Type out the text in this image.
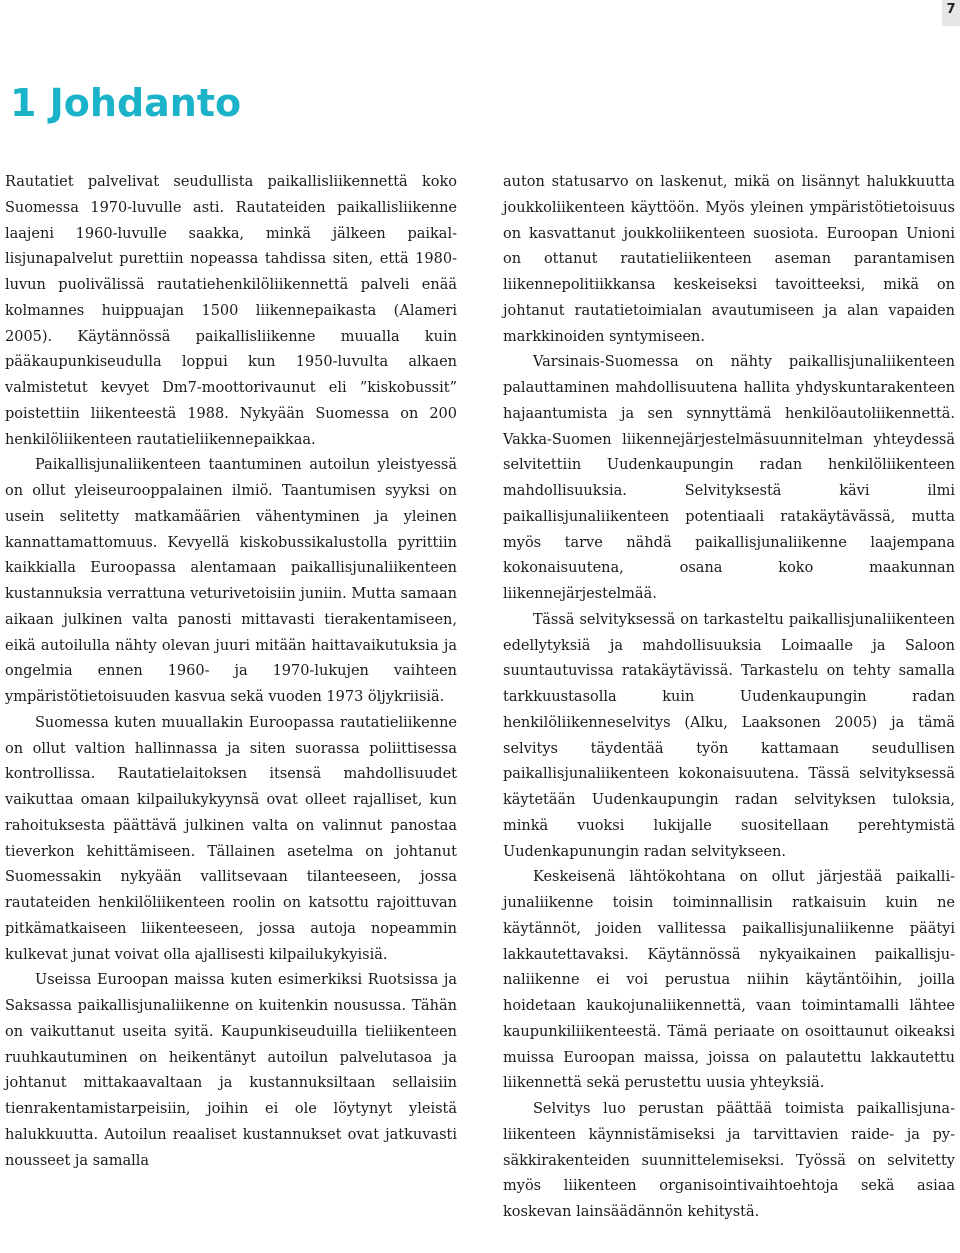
7
1 Johdanto

Rautatiet palvelivat seudullista paikallisliikennettä koko Suomessa 1970-luvulle asti. Rautateiden paikallisliikenne laajeni 1960-luvulle saakka, minkä jälkeen paikallisjunapalvelut purettiin nopeassa tahdissa siten, että 1980-luvun puolivälissä rautatiehenkilöliikennettä palveli enää kolmannes huippuajan 1500 liikennepaikasta (Alameri 2005). Käytännössä paikallisliikenne muualla kuin pääkaupunkiseudulla loppui kun 1950-luvulta alkaen valmistetut kevyet Dm7-moottorivaunut eli ”kiskobussit” poistettiin liikenteestä 1988. Nykyään Suomessa on 200 henkilöliikenteen rautatieliikennepaikkaa.

Paikallisjunaliikenteen taantuminen autoilun yleistyessä on ollut yleiseurooppalainen ilmiö. Taantumisen syyksi on usein selitetty matkamäärien vähentyminen ja yleinen kannattamattomuus. Kevyellä kiskobussikalustolla pyrittiin kaikkialla Euroopassa alentamaan paikallisjunaliikenteen kustannuksia verrattuna veturivetoisiin juniin. Mutta samaan aikaan julkinen valta panosti mittavasti tierakentamiseen, eikä autoilulla nähty olevan juuri mitään haittavaikutuksia ja ongelmia ennen 1960- ja 1970-lukujen vaihteen ympäristötietoisuuden kasvua sekä vuoden 1973 öljykriisiä.

Suomessa kuten muuallakin Euroopassa rautatieliikenne on ollut valtion hallinnassa ja siten suorassa poliittisessa kontrollissa. Rautatielaitoksen itsensä mahdollisuudet vaikuttaa omaan kilpailukykyynsä ovat olleet rajalliset, kun rahoituksesta päättävä julkinen valta on valinnut panostaa tieverkon kehittämiseen. Tällainen asetelma on johtanut Suomessakin nykyään vallitsevaan tilanteeseen, jossa rautateiden henkilöliikenteen roolin on katsottu rajoittuvan pitkämatkaiseen liikenteeseen, jossa autoja nopeammin kulkevat junat voivat olla ajallisesti kilpailukykyisiä.

Useissa Euroopan maissa kuten esimerkiksi Ruotsissa ja Saksassa paikallisjunaliikenne on kuitenkin nousussa. Tähän on vaikuttanut useita syitä. Kaupunkiseuduilla tieliikenteen ruuhkautuminen on heikentänyt autoilun palvelutasoa ja johtanut mittakaavaltaan ja kustannuksiltaan sellaisiin tienrakentamistarpeisiin, joihin ei ole löytynyt yleistä halukkuutta. Autoilun reaaliset kustannukset ovat jatkuvasti nousseet ja samalla

auton statusarvo on laskenut, mikä on lisännyt halukkuutta joukkoliikenteen käyttöön. Myös yleinen ympäristötietoisuus on kasvattanut joukkoliikenteen suosiota. Euroopan Unioni on ottanut rautatieliikenteen aseman parantamisen liikennepolitiikkansa keskeiseksi tavoitteeksi, mikä on johtanut rautatietoimialan avautumiseen ja alan vapaiden markkinoiden syntymiseen.

Varsinais-Suomessa on nähty paikallisjunaliikenteen palauttaminen mahdollisuutena hallita yhdyskuntarakenteen hajaantumista ja sen synnyttämä henkilöautoliikennettä. Vakka-Suomen liikennejärjestelmäsuunnitelman yhteydessä selvitettiin Uudenkaupungin radan henkilöliikenteen mahdollisuuksia. Selvityksestä kävi ilmi paikallisjunaliikenteen potentiaali ratakäytävässä, mutta myös tarve nähdä paikallisjunaliikenne laajempana kokonaisuutena, osana koko maakunnan liikennejärjestelmää.

Tässä selvityksessä on tarkasteltu paikallisjunaliikenteen edellytyksiä ja mahdollisuuksia Loimaalle ja Saloon suuntautuvissa ratakäytävissä. Tarkastelu on tehty samalla tarkkuustasolla kuin Uudenkaupungin radan henkilöliikenneselvitys (Alku, Laaksonen 2005) ja tämä selvitys täydentää työn kattamaan seudullisen paikallisjunaliikenteen kokonaisuutena. Tässä selvityksessä käytetään Uudenkaupungin radan selvityksen tuloksia, minkä vuoksi lukijalle suositellaan perehtymistä Uudenkapunungin radan selvitykseen.

Keskeisenä lähtökohtana on ollut järjestää paikallijunaliikenne toisin toiminnallisin ratkaisuin kuin ne käytännöt, joiden vallitessa paikallisjunaliikenne päätyi lakkautettavaksi. Käytännössä nykyaikainen paikallisjunaliikenne ei voi perustua niihin käytäntöihin, joilla hoidetaan kaukojunaliikennettä, vaan toimintamalli lähtee kaupunkiliikenteestä. Tämä periaate on osoittaunut oikeaksi muissa Euroopan maissa, joissa on palautettu lakkautettu liikennettä sekä perustettu uusia yhteyksiä.

Selvitys luo perustan päättää toimista paikallisjunaliikenteen käynnistämiseksi ja tarvittavien raide- ja pysäkkirakenteiden suunnittelemiseksi. Työssä on selvitetty myös liikenteen organisointivaihtoehtoja sekä asiaa koskevan lainsäädännön kehitystä.
